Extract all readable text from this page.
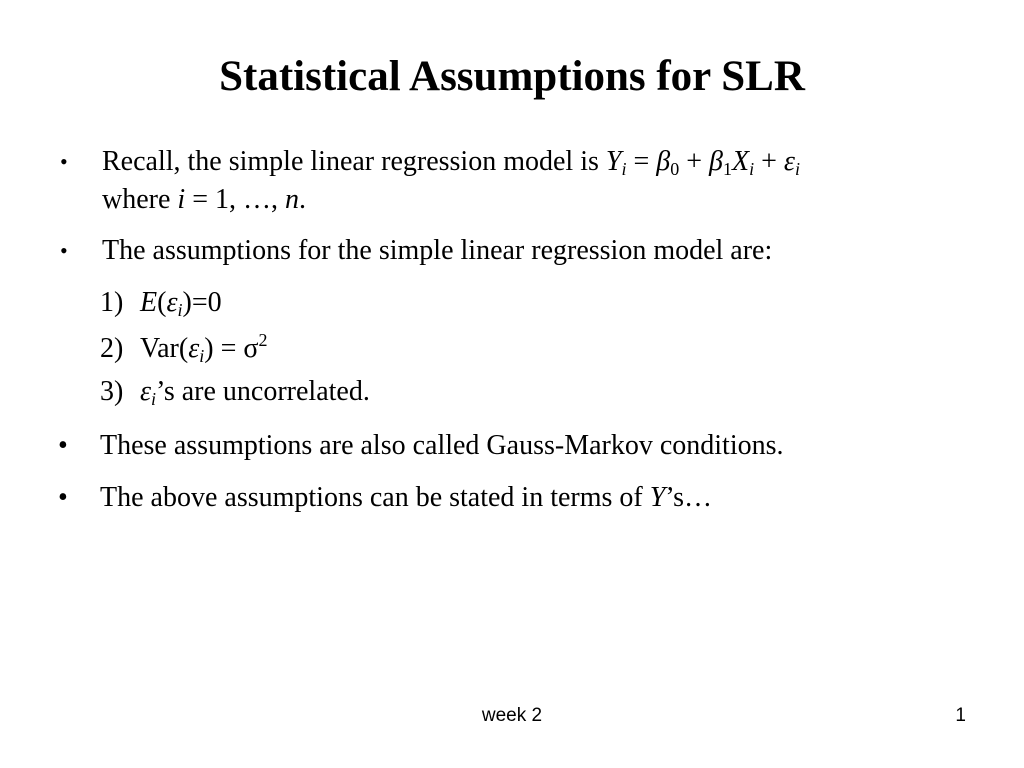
Statistical Assumptions for SLR
•	Recall, the simple linear regression model is $Y_i = \beta_0 + \beta_1X_i + \varepsilon_i$
where i = 1, …, n.
•	The assumptions for the simple linear regression model are:
1) $E(\varepsilon_i)=0$
2) $Var(\varepsilon_i) = \sigma^2$
3) $\varepsilon_i’s$ are uncorrelated.
•	These assumptions are also called Gauss-Markov conditions.
•	The above assumptions can be stated in terms of Y’s…
week 2	1
